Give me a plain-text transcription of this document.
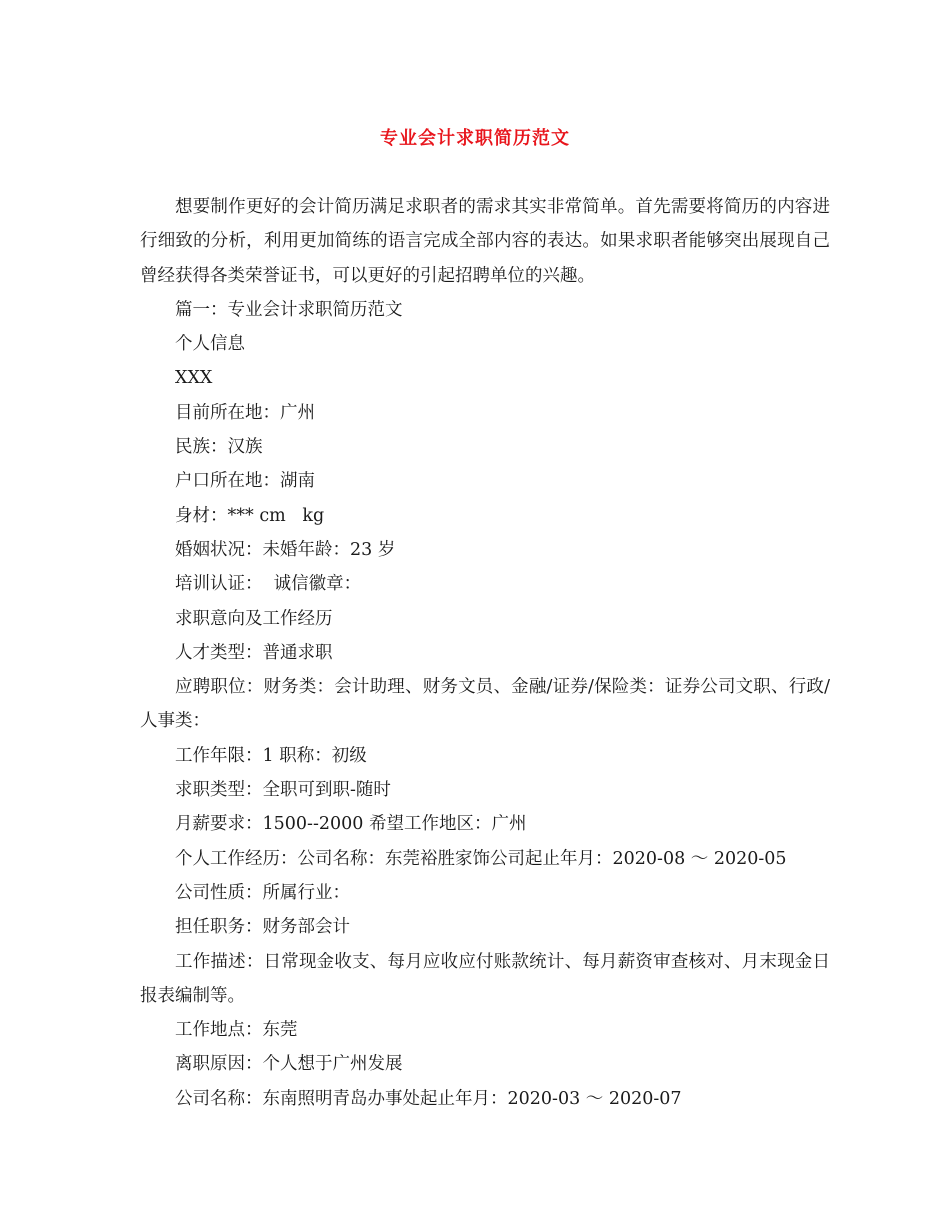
专业会计求职简历范文

想要制作更好的会计简历满足求职者的需求其实非常简单。首先需要将简历的内容进行细致的分析，利用更加简练的语言完成全部内容的表达。如果求职者能够突出展现自己曾经获得各类荣誉证书，可以更好的引起招聘单位的兴趣。

篇一：专业会计求职简历范文

个人信息

XXX

目前所在地：广州

民族：汉族

户口所在地：湖南

身材：*** cm   kg

婚姻状况：未婚年龄：23 岁

培训认证：  诚信徽章：

求职意向及工作经历

人才类型：普通求职

应聘职位：财务类：会计助理、财务文员、金融/证券/保险类：证券公司文职、行政/人事类：

工作年限：1 职称：初级

求职类型：全职可到职-随时

月薪要求：1500--2000 希望工作地区：广州

个人工作经历：公司名称：东莞裕胜家饰公司起止年月：2020-08 ～ 2020-05

公司性质：所属行业：

担任职务：财务部会计

工作描述：日常现金收支、每月应收应付账款统计、每月薪资审查核对、月末现金日报表编制等。

工作地点：东莞

离职原因：个人想于广州发展

公司名称：东南照明青岛办事处起止年月：2020-03 ～ 2020-07
